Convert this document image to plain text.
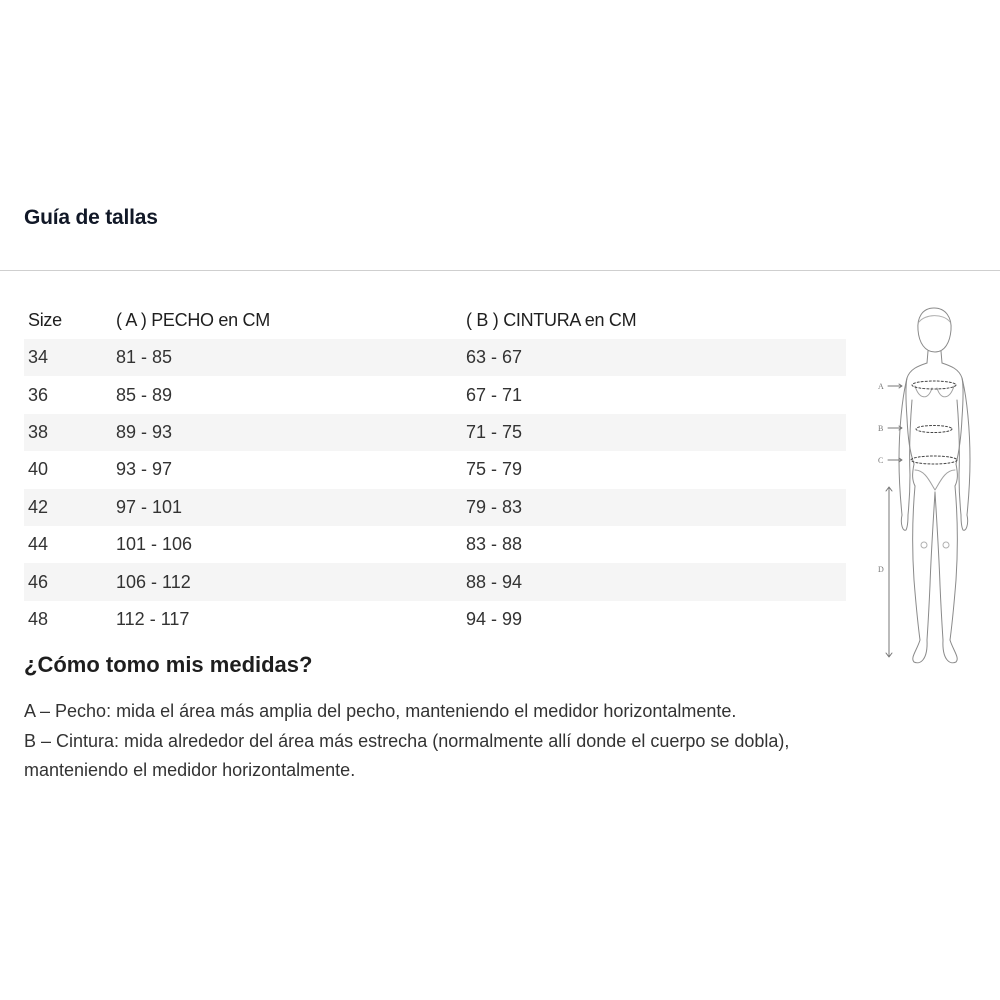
Guía de tallas
Size	( A ) PECHO en CM	( B ) CINTURA en CM
34	81 - 85	63 - 67
36	85 - 89	67 - 71
38	89 - 93	71 - 75
40	93 - 97	75 - 79
42	97 - 101	79 - 83
44	101 - 106	83 - 88
46	106 - 112	88 - 94
48	112 - 117	94 - 99
A
B
C
D
¿Cómo tomo mis medidas?

A – Pecho: mida el área más amplia del pecho, manteniendo el medidor horizontalmente.

B – Cintura: mida alrededor del área más estrecha (normalmente allí donde el cuerpo se dobla), manteniendo el medidor horizontalmente.
